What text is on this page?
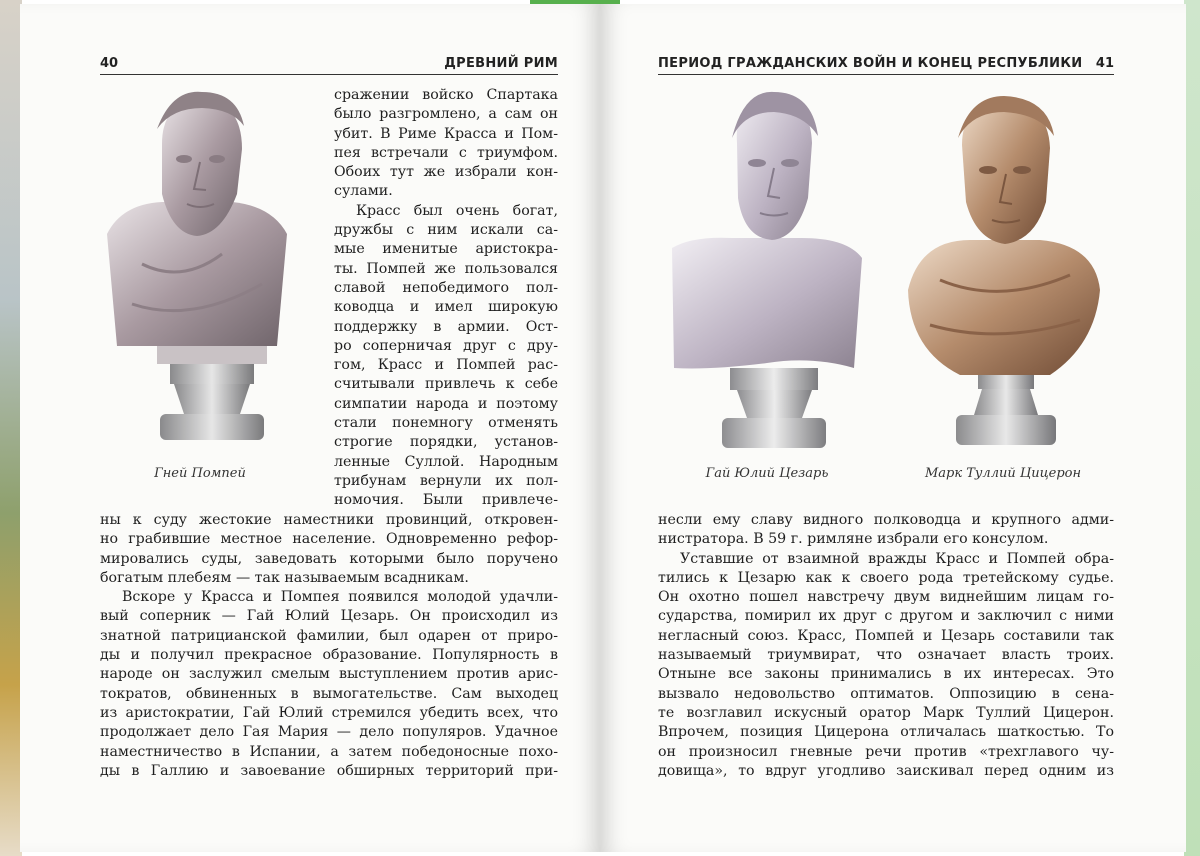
40	ДРЕВНИЙ РИМ
Гней Помпей

сражении войско Спартака

было разгромлено, а сам он

убит. В Риме Красса и Пом-

пея встречали с триумфом.

Обоих тут же избрали кон-

сулами.

Красс был очень богат,

дружбы с ним искали са-

мые именитые аристокра-

ты. Помпей же пользовался

славой непобедимого пол-

ководца и имел широкую

поддержку в армии. Ост-

ро соперничая друг с дру-

гом, Красс и Помпей рас-

считывали привлечь к себе

симпатии народа и поэтому

стали понемногу отменять

строгие порядки, установ-

ленные Суллой. Народным

трибунам вернули их пол-

номочия. Были привлече-

ны к суду жестокие наместники провинций, откровен-

но грабившие местное население. Одновременно рефор-

мировались суды, заведовать которыми было поручено

богатым плебеям — так называемым всадникам.

Вскоре у Красса и Помпея появился молодой удачли-

вый соперник — Гай Юлий Цезарь. Он происходил из

знатной патрицианской фамилии, был одарен от приро-

ды и получил прекрасное образование. Популярность в

народе он заслужил смелым выступлением против арис-

тократов, обвиненных в вымогательстве. Сам выходец

из аристократии, Гай Юлий стремился убедить всех, что

продолжает дело Гая Мария — дело популяров. Удачное

наместничество в Испании, а затем победоносные похо-

ды в Галлию и завоевание обширных территорий при-

ПЕРИОД ГРАЖДАНСКИХ ВОЙН И КОНЕЦ РЕСПУБЛИКИ 41
Гай Юлий Цезарь	Марк Туллий Цицерон

несли ему славу видного полководца и крупного адми-

нистратора. В 59 г. римляне избрали его консулом.

Уставшие от взаимной вражды Красс и Помпей обра-

тились к Цезарю как к своего рода третейскому судье.

Он охотно пошел навстречу двум виднейшим лицам го-

сударства, помирил их друг с другом и заключил с ними

негласный союз. Красс, Помпей и Цезарь составили так

называемый триумвират, что означает власть троих.

Отныне все законы принимались в их интересах. Это

вызвало недовольство оптиматов. Оппозицию в сена-

те возглавил искусный оратор Марк Туллий Цицерон.

Впрочем, позиция Цицерона отличалась шаткостью. То

он произносил гневные речи против «трехглавого чу-

довища», то вдруг угодливо заискивал перед одним из
